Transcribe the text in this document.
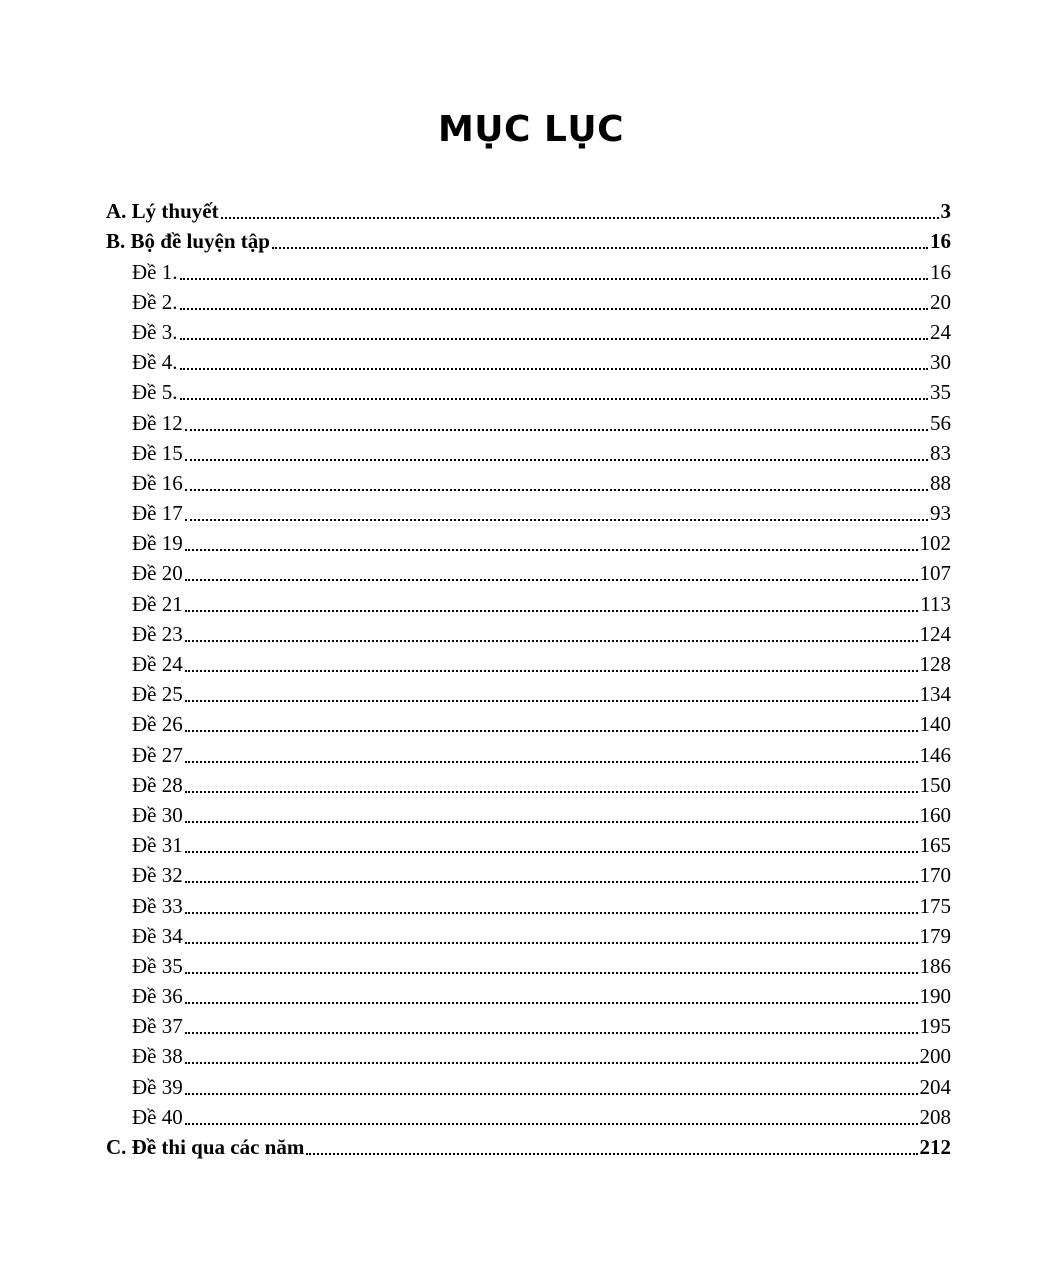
MỤC LỤC
A. Lý thuyết	3
B. Bộ đề luyện tập	16
Đề 1.	16
Đề 2.	20
Đề 3.	24
Đề 4.	30
Đề 5.	35
Đề 12	56
Đề 15	83
Đề 16	88
Đề 17	93
Đề 19	102
Đề 20	107
Đề 21	113
Đề 23	124
Đề 24	128
Đề 25	134
Đề 26	140
Đề 27	146
Đề 28	150
Đề 30	160
Đề 31	165
Đề 32	170
Đề 33	175
Đề 34	179
Đề 35	186
Đề 36	190
Đề 37	195
Đề 38	200
Đề 39	204
Đề 40	208
C. Đề thi qua các năm	212
